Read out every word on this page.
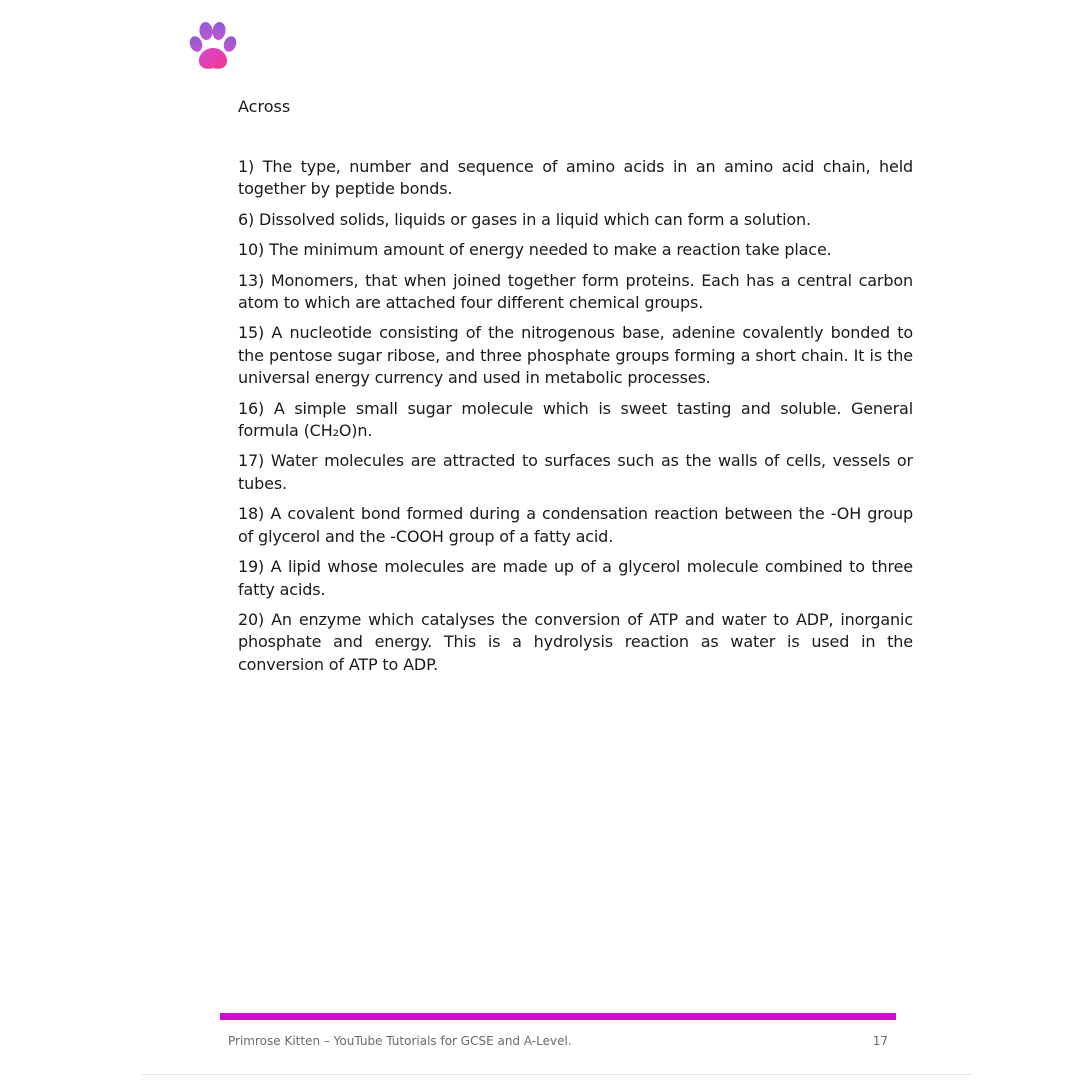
Across
1) The type, number and sequence of amino acids in an amino acid chain, held together by peptide bonds.
6) Dissolved solids, liquids or gases in a liquid which can form a solution.
10) The minimum amount of energy needed to make a reaction take place.
13) Monomers, that when joined together form proteins. Each has a central carbon atom to which are attached four different chemical groups.
15) A nucleotide consisting of the nitrogenous base, adenine covalently bonded to the pentose sugar ribose, and three phosphate groups forming a short chain. It is the universal energy currency and used in metabolic processes.
16) A simple small sugar molecule which is sweet tasting and soluble. General formula (CH₂O)n.
17) Water molecules are attracted to surfaces such as the walls of cells, vessels or tubes.
18) A covalent bond formed during a condensation reaction between the -OH group of glycerol and the -COOH group of a fatty acid.
19) A lipid whose molecules are made up of a glycerol molecule combined to three fatty acids.
20) An enzyme which catalyses the conversion of ATP and water to ADP, inorganic phosphate and energy. This is a hydrolysis reaction as water is used in the conversion of ATP to ADP.
Primrose Kitten – YouTube Tutorials for GCSE and A-Level.	17
